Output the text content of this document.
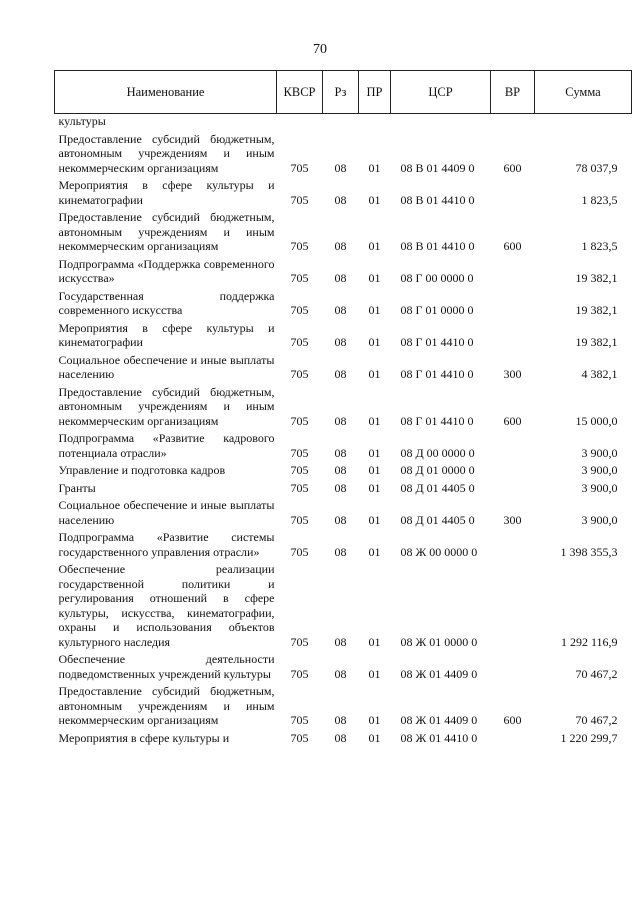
70
Наименование	КВСР	Рз	ПР	ЦСР	ВР	Сумма
культуры						
Предоставление субсидий бюджетным, автономным учреждениям и иным некоммерческим организациям	705	08	01	08 В 01 4409 0	600	78 037,9
Мероприятия в сфере культуры и кинематографии	705	08	01	08 В 01 4410 0		1 823,5
Предоставление субсидий бюджетным, автономным учреждениям и иным некоммерческим организациям	705	08	01	08 В 01 4410 0	600	1 823,5
Подпрограмма «Поддержка современного искусства»	705	08	01	08 Г 00 0000 0		19 382,1
Государственная поддержка современного искусства	705	08	01	08 Г 01 0000 0		19 382,1
Мероприятия в сфере культуры и кинематографии	705	08	01	08 Г 01 4410 0		19 382,1
Социальное обеспечение и иные выплаты населению	705	08	01	08 Г 01 4410 0	300	4 382,1
Предоставление субсидий бюджетным, автономным учреждениям и иным некоммерческим организациям	705	08	01	08 Г 01 4410 0	600	15 000,0
Подпрограмма «Развитие кадрового потенциала отрасли»	705	08	01	08 Д 00 0000 0		3 900,0
Управление и подготовка кадров	705	08	01	08 Д 01 0000 0		3 900,0
Гранты	705	08	01	08 Д 01 4405 0		3 900,0
Социальное обеспечение и иные выплаты населению	705	08	01	08 Д 01 4405 0	300	3 900,0
Подпрограмма «Развитие системы государственного управления отрасли»	705	08	01	08 Ж 00 0000 0		1 398 355,3
Обеспечение реализации государственной политики и регулирования отношений в сфере культуры, искусства, кинематографии, охраны и использования объектов культурного наследия	705	08	01	08 Ж 01 0000 0		1 292 116,9
Обеспечение деятельности подведомственных учреждений культуры	705	08	01	08 Ж 01 4409 0		70 467,2
Предоставление субсидий бюджетным, автономным учреждениям и иным некоммерческим организациям	705	08	01	08 Ж 01 4409 0	600	70 467,2
Мероприятия в сфере культуры и	705	08	01	08 Ж 01 4410 0		1 220 299,7
